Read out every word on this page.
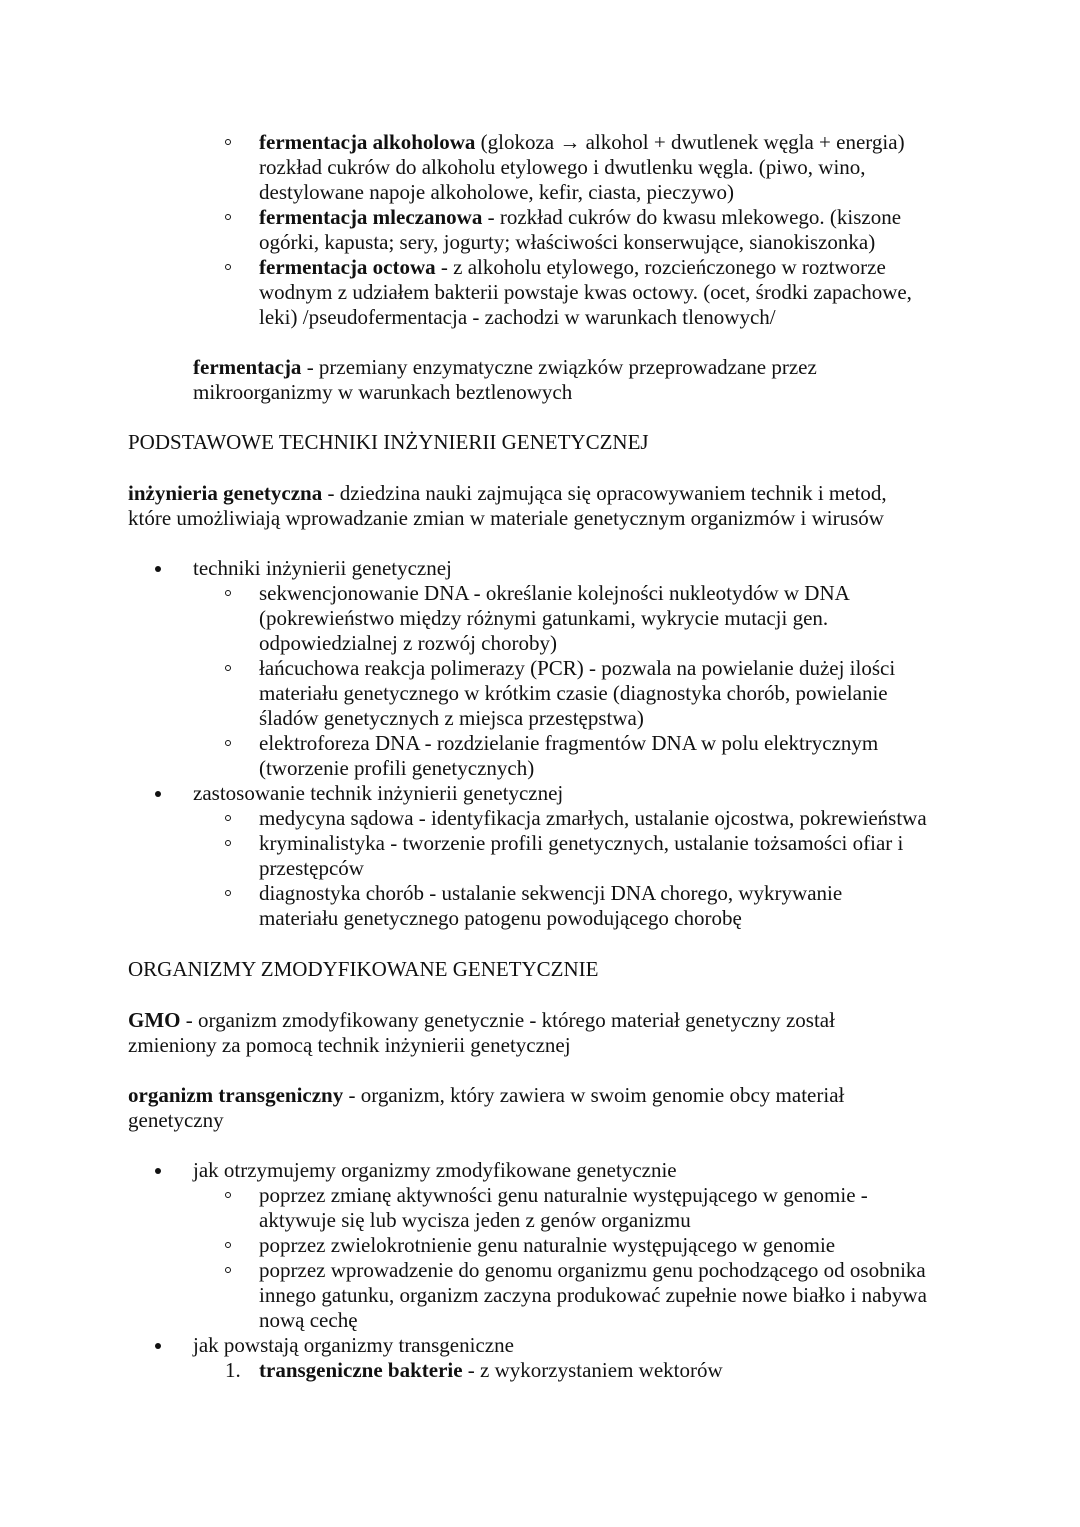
fermentacja alkoholowa (glokoza → alkohol + dwutlenek węgla + energia) rozkład cukrów do alkoholu etylowego i dwutlenku węgla. (piwo, wino, destylowane napoje alkoholowe, kefir, ciasta, pieczywo)
fermentacja mleczanowa - rozkład cukrów do kwasu mlekowego. (kiszone ogórki, kapusta; sery, jogurty; właściwości konserwujące, sianokiszonka)
fermentacja octowa - z alkoholu etylowego, rozcieńczonego w roztworze wodnym z udziałem bakterii powstaje kwas octowy. (ocet, środki zapachowe, leki) /pseudofermentacja - zachodzi w warunkach tlenowych/
fermentacja - przemiany enzymatyczne związków przeprowadzane przez mikroorganizmy w warunkach beztlenowych
PODSTAWOWE TECHNIKI INŻYNIERII GENETYCZNEJ
inżynieria genetyczna - dziedzina nauki zajmująca się opracowywaniem technik i metod, które umożliwiają wprowadzanie zmian w materiale genetycznym organizmów i wirusów
techniki inżynierii genetycznej
sekwencjonowanie DNA - określanie kolejności nukleotydów w DNA (pokrewieństwo między różnymi gatunkami, wykrycie mutacji gen. odpowiedzialnej z rozwój choroby)
łańcuchowa reakcja polimerazy (PCR) - pozwala na powielanie dużej ilości materiału genetycznego w krótkim czasie (diagnostyka chorób, powielanie śladów genetycznych z miejsca przestępstwa)
elektroforeza DNA - rozdzielanie fragmentów DNA w polu elektrycznym (tworzenie profili genetycznych)
zastosowanie technik inżynierii genetycznej
medycyna sądowa - identyfikacja zmarłych, ustalanie ojcostwa, pokrewieństwa
kryminalistyka - tworzenie profili genetycznych, ustalanie tożsamości ofiar i przestępców
diagnostyka chorób - ustalanie sekwencji DNA chorego, wykrywanie materiału genetycznego patogenu powodującego chorobę
ORGANIZMY ZMODYFIKOWANE GENETYCZNIE
GMO - organizm zmodyfikowany genetycznie - którego materiał genetyczny został zmieniony za pomocą technik inżynierii genetycznej
organizm transgeniczny - organizm, który zawiera w swoim genomie obcy materiał genetyczny
jak otrzymujemy organizmy zmodyfikowane genetycznie
poprzez zmianę aktywności genu naturalnie występującego w genomie - aktywuje się lub wycisza jeden z genów organizmu
poprzez zwielokrotnienie genu naturalnie występującego w genomie
poprzez wprowadzenie do genomu organizmu genu pochodzącego od osobnika innego gatunku, organizm zaczyna produkować zupełnie nowe białko i nabywa nową cechę
jak powstają organizmy transgeniczne
1. transgeniczne bakterie - z wykorzystaniem wektorów
